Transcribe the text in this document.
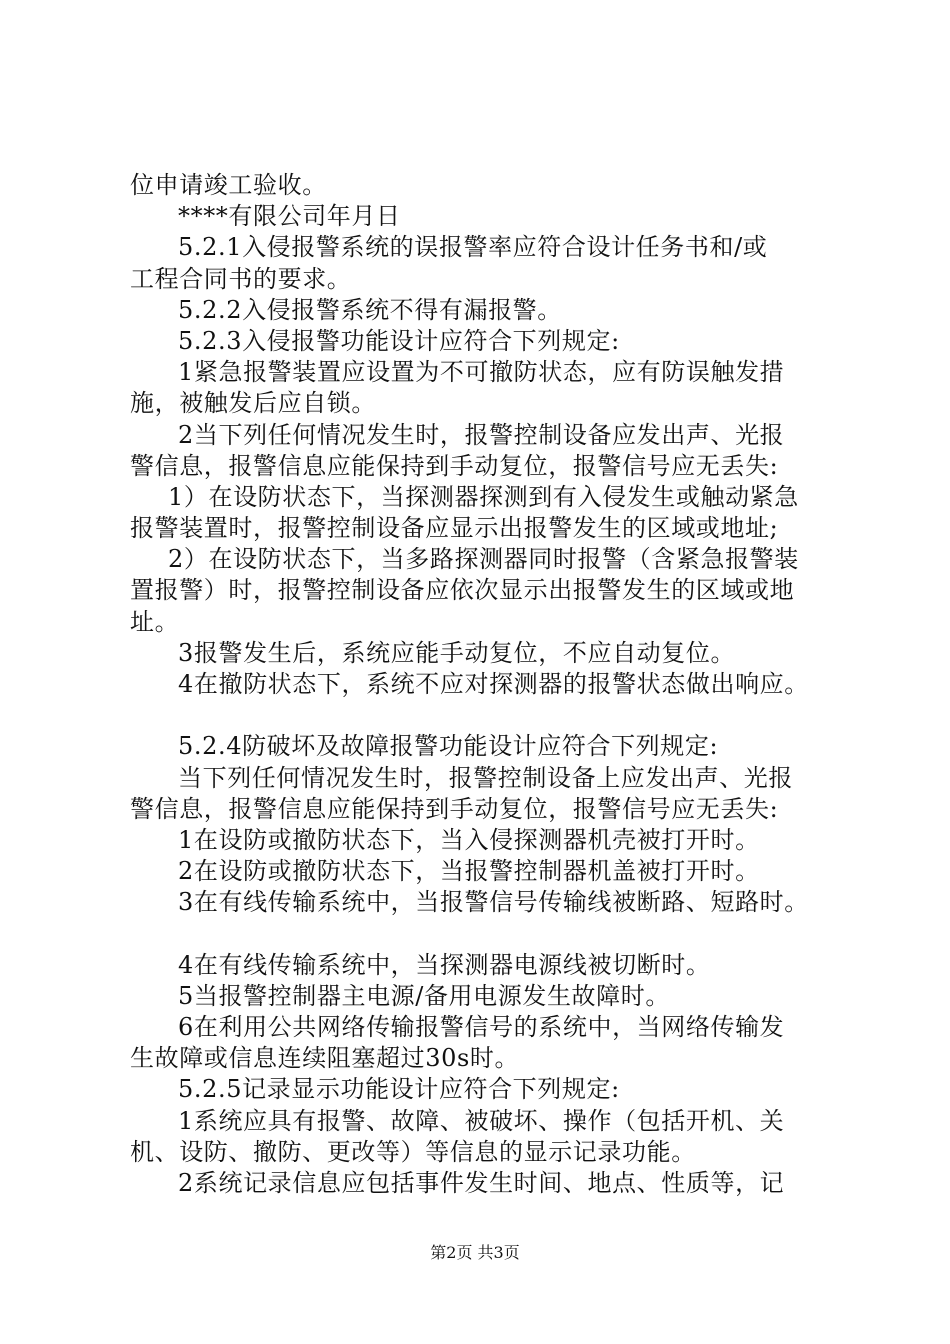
位申请竣工验收。
****有限公司年月日
5.2.1入侵报警系统的误报警率应符合设计任务书和/或
工程合同书的要求。
5.2.2入侵报警系统不得有漏报警。
5.2.3入侵报警功能设计应符合下列规定:
1紧急报警装置应设置为不可撤防状态，应有防误触发措
施，被触发后应自锁。
2当下列任何情况发生时，报警控制设备应发出声、光报
警信息，报警信息应能保持到手动复位，报警信号应无丢失:
1）在设防状态下，当探测器探测到有入侵发生或触动紧急
报警装置时，报警控制设备应显示出报警发生的区域或地址;
2）在设防状态下，当多路探测器同时报警（含紧急报警装
置报警）时，报警控制设备应依次显示出报警发生的区域或地
址。
3报警发生后，系统应能手动复位，不应自动复位。
4在撤防状态下，系统不应对探测器的报警状态做出响应。
5.2.4防破坏及故障报警功能设计应符合下列规定:
当下列任何情况发生时，报警控制设备上应发出声、光报
警信息，报警信息应能保持到手动复位，报警信号应无丢失:
1在设防或撤防状态下，当入侵探测器机壳被打开时。
2在设防或撤防状态下，当报警控制器机盖被打开时。
3在有线传输系统中，当报警信号传输线被断路、短路时。
4在有线传输系统中，当探测器电源线被切断时。
5当报警控制器主电源/备用电源发生故障时。
6在利用公共网络传输报警信号的系统中，当网络传输发
生故障或信息连续阻塞超过30s时。
5.2.5记录显示功能设计应符合下列规定:
1系统应具有报警、故障、被破坏、操作（包括开机、关
机、设防、撤防、更改等）等信息的显示记录功能。
2系统记录信息应包括事件发生时间、地点、性质等，记
第2页 共3页
